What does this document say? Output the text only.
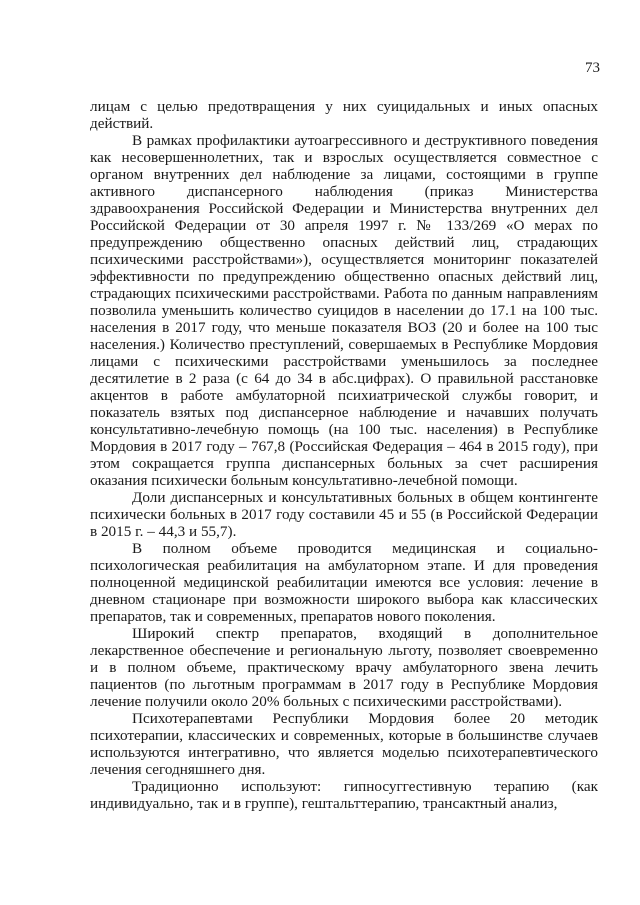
73

лицам с целью предотвращения у них суицидальных и иных опасных действий.

В рамках профилактики аутоагрессивного и деструктивного поведения как несовершеннолетних, так и взрослых осуществляется совместное с органом внутренних дел наблюдение за лицами, состоящими в группе активного диспансерного наблюдения (приказ Министерства здравоохранения Российской Федерации и Министерства внутренних дел Российской Федерации от 30 апреля 1997 г. № 133/269 «О мерах по предупреждению общественно опасных действий лиц, страдающих психическими расстройствами»), осуществляется мониторинг показателей эффективности по предупреждению общественно опасных действий лиц, страдающих психическими расстройствами. Работа по данным направлениям позволила уменьшить количество суицидов в населении до 17.1 на 100 тыс. населения в 2017 году, что меньше показателя ВОЗ (20 и более на 100 тыс населения.) Количество преступлений, совершаемых в Республике Мордовия лицами с психическими расстройствами уменьшилось за последнее десятилетие в 2 раза (с 64 до 34 в абс.цифрах). О правильной расстановке акцентов в работе амбулаторной психиатрической службы говорит, и показатель взятых под диспансерное наблюдение и начавших получать консультативно-лечебную помощь (на 100 тыс. населения) в Республике Мордовия в 2017 году – 767,8 (Российская Федерация – 464 в 2015 году), при этом сокращается группа диспансерных больных за счет расширения оказания психически больным консультативно-лечебной помощи.

Доли диспансерных и консультативных больных в общем контингенте психически больных в 2017 году составили 45 и 55 (в Российской Федерации в 2015 г. – 44,3 и 55,7).

В полном объеме проводится медицинская и социально-психологическая реабилитация на амбулаторном этапе. И для проведения полноценной медицинской реабилитации имеются все условия: лечение в дневном стационаре при возможности широкого выбора как классических препаратов, так и современных, препаратов нового поколения.

Широкий спектр препаратов, входящий в дополнительное лекарственное обеспечение и региональную льготу, позволяет своевременно и в полном объеме, практическому врачу амбулаторного звена лечить пациентов (по льготным программам в 2017 году в Республике Мордовия лечение получили около 20% больных с психическими расстройствами).

Психотерапевтами Республики Мордовия более 20 методик психотерапии, классических и современных, которые в большинстве случаев используются интегративно, что является моделью психотерапевтического лечения сегодняшнего дня.

Традиционно используют: гипносуггестивную терапию (как индивидуально, так и в группе), гештальттерапию, трансактный анализ,
